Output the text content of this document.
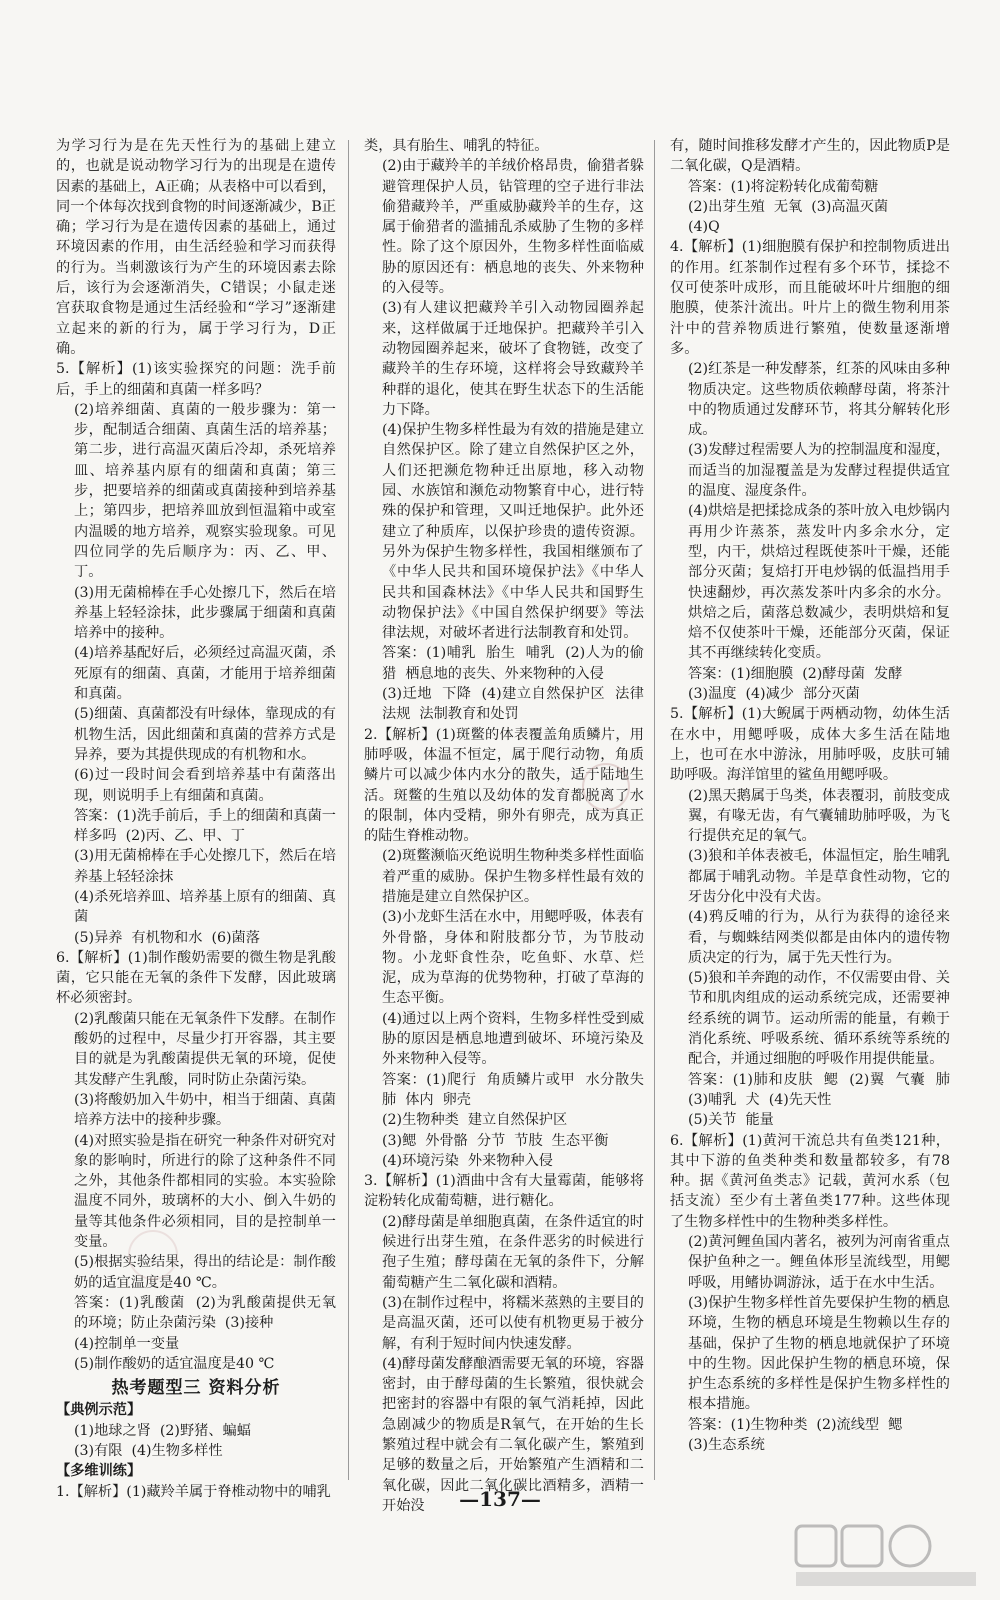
为学习行为是在先天性行为的基础上建立的，也就是说动物学习行为的出现是在遗传因素的基础上，A正确；从表格中可以看到，同一个体每次找到食物的时间逐渐减少，B正确；学习行为是在遗传因素的基础上，通过环境因素的作用，由生活经验和学习而获得的行为。当刺激该行为产生的环境因素去除后，该行为会逐渐消失，C错误；小鼠走迷宫获取食物是通过生活经验和“学习”逐渐建立起来的新的行为，属于学习行为，D正确。

5.【解析】(1)该实验探究的问题：洗手前后，手上的细菌和真菌一样多吗？

(2)培养细菌、真菌的一般步骤为：第一步，配制适合细菌、真菌生活的培养基；第二步，进行高温灭菌后冷却，杀死培养皿、培养基内原有的细菌和真菌；第三步，把要培养的细菌或真菌接种到培养基上；第四步，把培养皿放到恒温箱中或室内温暖的地方培养，观察实验现象。可见四位同学的先后顺序为：丙、乙、甲、丁。

(3)用无菌棉棒在手心处擦几下，然后在培养基上轻轻涂抹，此步骤属于细菌和真菌培养中的接种。

(4)培养基配好后，必须经过高温灭菌，杀死原有的细菌、真菌，才能用于培养细菌和真菌。

(5)细菌、真菌都没有叶绿体，靠现成的有机物生活，因此细菌和真菌的营养方式是异养，要为其提供现成的有机物和水。

(6)过一段时间会看到培养基中有菌落出现，则说明手上有细菌和真菌。

答案：(1)洗手前后，手上的细菌和真菌一样多吗  (2)丙、乙、甲、丁

(3)用无菌棉棒在手心处擦几下，然后在培养基上轻轻涂抹

(4)杀死培养皿、培养基上原有的细菌、真菌

(5)异养  有机物和水  (6)菌落

6.【解析】(1)制作酸奶需要的微生物是乳酸菌，它只能在无氧的条件下发酵，因此玻璃杯必须密封。

(2)乳酸菌只能在无氧条件下发酵。在制作酸奶的过程中，尽量少打开容器，其主要目的就是为乳酸菌提供无氧的环境，促使其发酵产生乳酸，同时防止杂菌污染。

(3)将酸奶加入牛奶中，相当于细菌、真菌培养方法中的接种步骤。

(4)对照实验是指在研究一种条件对研究对象的影响时，所进行的除了这种条件不同之外，其他条件都相同的实验。本实验除温度不同外，玻璃杯的大小、倒入牛奶的量等其他条件必须相同，目的是控制单一变量。

(5)根据实验结果，得出的结论是：制作酸奶的适宜温度是40 ℃。

答案：(1)乳酸菌  (2)为乳酸菌提供无氧的环境；防止杂菌污染  (3)接种

(4)控制单一变量

(5)制作酸奶的适宜温度是40 ℃

热考题型三 资料分析

【典例示范】

(1)地球之肾  (2)野猪、蝙蝠

(3)有限  (4)生物多样性

【多维训练】

1.【解析】(1)藏羚羊属于脊椎动物中的哺乳

类，具有胎生、哺乳的特征。

(2)由于藏羚羊的羊绒价格昂贵，偷猎者躲避管理保护人员，钻管理的空子进行非法偷猎藏羚羊，严重威胁藏羚羊的生存，这属于偷猎者的滥捕乱杀威胁了生物的多样性。除了这个原因外，生物多样性面临威胁的原因还有：栖息地的丧失、外来物种的入侵等。

(3)有人建议把藏羚羊引入动物园圈养起来，这样做属于迁地保护。把藏羚羊引入动物园圈养起来，破坏了食物链，改变了藏羚羊的生存环境，这样将会导致藏羚羊种群的退化，使其在野生状态下的生活能力下降。

(4)保护生物多样性最为有效的措施是建立自然保护区。除了建立自然保护区之外，人们还把濒危物种迁出原地，移入动物园、水族馆和濒危动物繁育中心，进行特殊的保护和管理，又叫迁地保护。此外还建立了种质库，以保护珍贵的遗传资源。另外为保护生物多样性，我国相继颁布了《中华人民共和国环境保护法》《中华人民共和国森林法》《中华人民共和国野生动物保护法》《中国自然保护纲要》等法律法规，对破坏者进行法制教育和处罚。

答案：(1)哺乳  胎生  哺乳  (2)人为的偷猎  栖息地的丧失、外来物种的入侵

(3)迁地  下降  (4)建立自然保护区  法律法规  法制教育和处罚

2.【解析】(1)斑鳖的体表覆盖角质鳞片，用肺呼吸，体温不恒定，属于爬行动物，角质鳞片可以减少体内水分的散失，适于陆地生活。斑鳖的生殖以及幼体的发育都脱离了水的限制，体内受精，卵外有卵壳，成为真正的陆生脊椎动物。

(2)斑鳖濒临灭绝说明生物种类多样性面临着严重的威胁。保护生物多样性最有效的措施是建立自然保护区。

(3)小龙虾生活在水中，用鳃呼吸，体表有外骨骼，身体和附肢都分节，为节肢动物。小龙虾食性杂，吃鱼虾、水草、烂泥，成为草海的优势物种，打破了草海的生态平衡。

(4)通过以上两个资料，生物多样性受到威胁的原因是栖息地遭到破坏、环境污染及外来物种入侵等。

答案：(1)爬行  角质鳞片或甲  水分散失  肺  体内  卵壳

(2)生物种类  建立自然保护区

(3)鳃  外骨骼  分节  节肢  生态平衡

(4)环境污染  外来物种入侵

3.【解析】(1)酒曲中含有大量霉菌，能够将淀粉转化成葡萄糖，进行糖化。

(2)酵母菌是单细胞真菌，在条件适宜的时候进行出芽生殖，在条件恶劣的时候进行孢子生殖；酵母菌在无氧的条件下，分解葡萄糖产生二氧化碳和酒精。

(3)在制作过程中，将糯米蒸熟的主要目的是高温灭菌，还可以使有机物更易于被分解，有利于短时间内快速发酵。

(4)酵母菌发酵酿酒需要无氧的环境，容器密封，由于酵母菌的生长繁殖，很快就会把密封的容器中有限的氧气消耗掉，因此急剧减少的物质是R氧气，在开始的生长繁殖过程中就会有二氧化碳产生，繁殖到足够的数量之后，开始繁殖产生酒精和二氧化碳，因此二氧化碳比酒精多，酒精一开始没

有，随时间推移发酵才产生的，因此物质P是二氧化碳，Q是酒精。

答案：(1)将淀粉转化成葡萄糖

(2)出芽生殖  无氧  (3)高温灭菌

(4)Q

4.【解析】(1)细胞膜有保护和控制物质进出的作用。红茶制作过程有多个环节，揉捻不仅可使茶叶成形，而且能破坏叶片细胞的细胞膜，使茶汁流出。叶片上的微生物利用茶汁中的营养物质进行繁殖，使数量逐渐增多。

(2)红茶是一种发酵茶，红茶的风味由多种物质决定。这些物质依赖酵母菌，将茶汁中的物质通过发酵环节，将其分解转化形成。

(3)发酵过程需要人为的控制温度和湿度，而适当的加湿覆盖是为发酵过程提供适宜的温度、湿度条件。

(4)烘焙是把揉捻成条的茶叶放入电炒锅内再用少许蒸茶，蒸发叶内多余水分，定型，内干，烘焙过程既使茶叶干燥，还能部分灭菌；复焙打开电炒锅的低温挡用手快速翻炒，再次蒸发茶叶内多余的水分。烘焙之后，菌落总数减少，表明烘焙和复焙不仅使茶叶干燥，还能部分灭菌，保证其不再继续转化变质。

答案：(1)细胞膜  (2)酵母菌  发酵

(3)温度  (4)减少  部分灭菌

5.【解析】(1)大鲵属于两栖动物，幼体生活在水中，用鳃呼吸，成体大多生活在陆地上，也可在水中游泳，用肺呼吸，皮肤可辅助呼吸。海洋馆里的鲨鱼用鳃呼吸。

(2)黑天鹅属于鸟类，体表覆羽，前肢变成翼，有喙无齿，有气囊辅助肺呼吸，为飞行提供充足的氧气。

(3)狼和羊体表被毛，体温恒定，胎生哺乳都属于哺乳动物。羊是草食性动物，它的牙齿分化中没有犬齿。

(4)鸦反哺的行为，从行为获得的途径来看，与蜘蛛结网类似都是由体内的遗传物质决定的行为，属于先天性行为。

(5)狼和羊奔跑的动作，不仅需要由骨、关节和肌肉组成的运动系统完成，还需要神经系统的调节。运动所需的能量，有赖于消化系统、呼吸系统、循环系统等系统的配合，并通过细胞的呼吸作用提供能量。

答案：(1)肺和皮肤  鳃  (2)翼  气囊  肺  (3)哺乳  犬  (4)先天性

(5)关节  能量

6.【解析】(1)黄河干流总共有鱼类121种，其中下游的鱼类种类和数量都较多，有78种。据《黄河鱼类志》记载，黄河水系（包括支流）至少有土著鱼类177种。这些体现了生物多样性中的生物种类多样性。

(2)黄河鲤鱼国内著名，被列为河南省重点保护鱼种之一。鲤鱼体形呈流线型，用鳃呼吸，用鳍协调游泳，适于在水中生活。

(3)保护生物多样性首先要保护生物的栖息环境，生物的栖息环境是生物赖以生存的基础，保护了生物的栖息地就保护了环境中的生物。因此保护生物的栖息环境，保护生态系统的多样性是保护生物多样性的根本措施。

答案：(1)生物种类  (2)流线型  鳃

(3)生态系统

—137—
